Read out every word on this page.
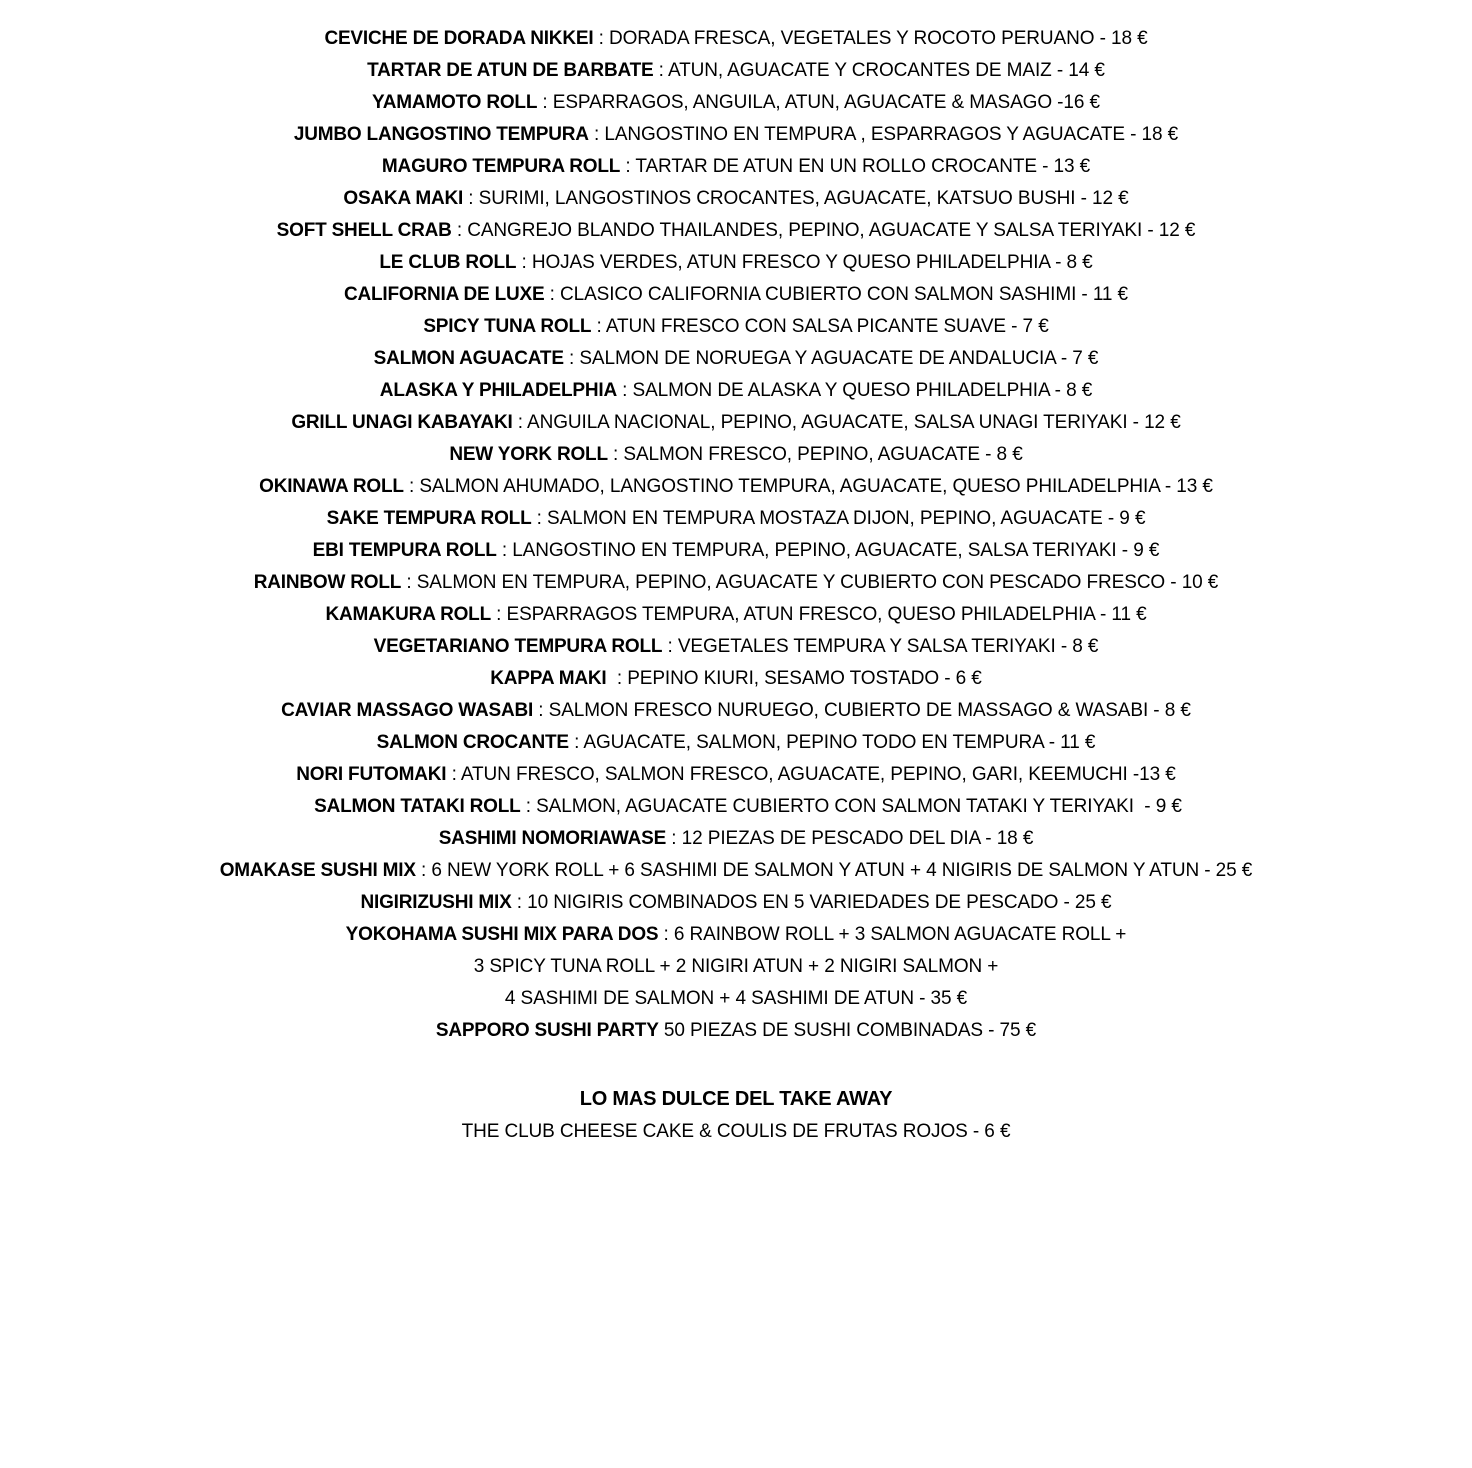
CEVICHE DE DORADA NIKKEI : DORADA FRESCA, VEGETALES Y ROCOTO PERUANO - 18 €
TARTAR DE ATUN DE BARBATE : ATUN, AGUACATE Y CROCANTES DE MAIZ - 14 €
YAMAMOTO ROLL : ESPARRAGOS, ANGUILA, ATUN, AGUACATE & MASAGO -16 €
JUMBO LANGOSTINO TEMPURA : LANGOSTINO EN TEMPURA , ESPARRAGOS Y AGUACATE - 18 €
MAGURO TEMPURA ROLL : TARTAR DE ATUN EN UN ROLLO CROCANTE - 13 €
OSAKA MAKI : SURIMI, LANGOSTINOS CROCANTES, AGUACATE, KATSUO BUSHI - 12 €
SOFT SHELL CRAB : CANGREJO BLANDO THAILANDES, PEPINO, AGUACATE Y SALSA TERIYAKI - 12 €
LE CLUB ROLL : HOJAS VERDES, ATUN FRESCO Y QUESO PHILADELPHIA - 8 €
CALIFORNIA DE LUXE : CLASICO CALIFORNIA CUBIERTO CON SALMON SASHIMI - 11 €
SPICY TUNA ROLL : ATUN FRESCO CON SALSA PICANTE SUAVE - 7 €
SALMON AGUACATE : SALMON DE NORUEGA Y AGUACATE DE ANDALUCIA - 7 €
ALASKA Y PHILADELPHIA : SALMON DE ALASKA Y QUESO PHILADELPHIA - 8 €
GRILL UNAGI KABAYAKI : ANGUILA NACIONAL, PEPINO, AGUACATE, SALSA UNAGI TERIYAKI - 12 €
NEW YORK ROLL : SALMON FRESCO, PEPINO, AGUACATE - 8 €
OKINAWA ROLL : SALMON AHUMADO, LANGOSTINO TEMPURA, AGUACATE, QUESO PHILADELPHIA - 13 €
SAKE TEMPURA ROLL : SALMON EN TEMPURA MOSTAZA DIJON, PEPINO, AGUACATE - 9 €
EBI TEMPURA ROLL : LANGOSTINO EN TEMPURA, PEPINO, AGUACATE, SALSA TERIYAKI - 9 €
RAINBOW ROLL : SALMON EN TEMPURA, PEPINO, AGUACATE Y CUBIERTO CON PESCADO FRESCO - 10 €
KAMAKURA ROLL : ESPARRAGOS TEMPURA, ATUN FRESCO, QUESO PHILADELPHIA - 11 €
VEGETARIANO TEMPURA ROLL : VEGETALES TEMPURA Y SALSA TERIYAKI - 8 €
KAPPA MAKI  : PEPINO KIURI, SESAMO TOSTADO - 6 €
CAVIAR MASSAGO WASABI : SALMON FRESCO NURUEGO, CUBIERTO DE MASSAGO & WASABI - 8 €
SALMON CROCANTE : AGUACATE, SALMON, PEPINO TODO EN TEMPURA - 11 €
NORI FUTOMAKI : ATUN FRESCO, SALMON FRESCO, AGUACATE, PEPINO, GARI, KEEMUCHI -13 €
SALMON TATAKI ROLL : SALMON, AGUACATE CUBIERTO CON SALMON TATAKI Y TERIYAKI  - 9 €
SASHIMI NOMORIAWASE : 12 PIEZAS DE PESCADO DEL DIA - 18 €
OMAKASE SUSHI MIX : 6 NEW YORK ROLL + 6 SASHIMI DE SALMON Y ATUN + 4 NIGIRIS DE SALMON Y ATUN - 25 €
NIGIRIZUSHI MIX : 10 NIGIRIS COMBINADOS EN 5 VARIEDADES DE PESCADO - 25 €
YOKOHAMA SUSHI MIX PARA DOS : 6 RAINBOW ROLL + 3 SALMON AGUACATE ROLL +
3 SPICY TUNA ROLL + 2 NIGIRI ATUN + 2 NIGIRI SALMON +
4 SASHIMI DE SALMON + 4 SASHIMI DE ATUN - 35 €
SAPPORO SUSHI PARTY 50 PIEZAS DE SUSHI COMBINADAS - 75 €
LO MAS DULCE DEL TAKE AWAY
THE CLUB CHEESE CAKE & COULIS DE FRUTAS ROJOS - 6 €
